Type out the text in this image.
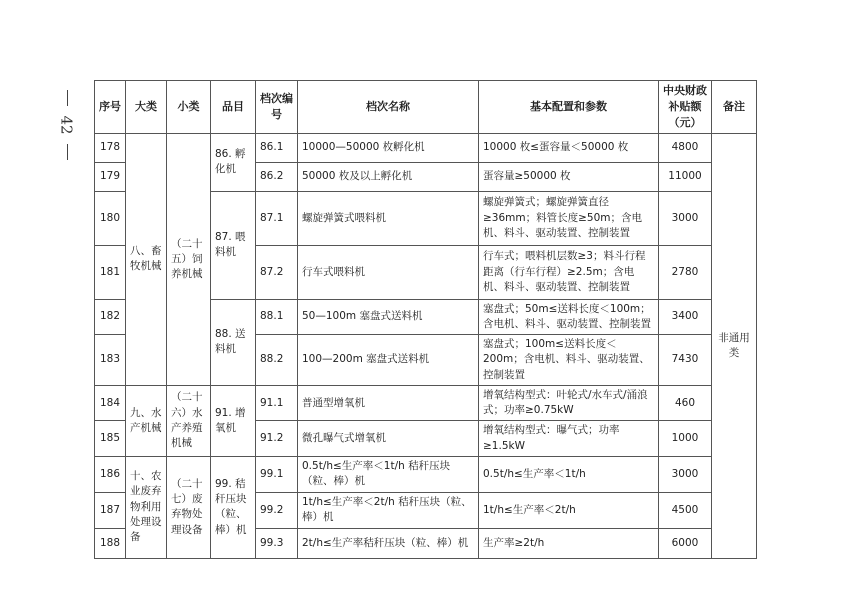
42
序号	大类	小类	品目	档次编号	档次名称	基本配置和参数	中央财政补贴额（元）	备注
178	八、畜牧机械	（二十五）饲养机械	86. 孵化机	86.1	10000—50000 枚孵化机	10000 枚≤蛋容量＜50000 枚	4800	非通用类
179				86.2	50000 枚及以上孵化机	蛋容量≥50000 枚	11000	
180			87. 喂料机	87.1	螺旋弹簧式喂料机	螺旋弹簧式；螺旋弹簧直径≥36mm；料管长度≥50m；含电机、料斗、驱动装置、控制装置	3000	
181				87.2	行车式喂料机	行车式；喂料机层数≥3；料斗行程距离（行车行程）≥2.5m；含电机、料斗、驱动装置、控制装置	2780	
182			88. 送料机	88.1	50—100m 塞盘式送料机	塞盘式；50m≤送料长度＜100m；含电机、料斗、驱动装置、控制装置	3400	
183				88.2	100—200m 塞盘式送料机	塞盘式；100m≤送料长度＜200m；含电机、料斗、驱动装置、控制装置	7430	
184	九、水产机械	（二十六）水产养殖机械	91. 增氧机	91.1	普通型增氧机	增氧结构型式：叶轮式/水车式/涌浪式；功率≥0.75kW	460	
185				91.2	微孔曝气式增氧机	增氧结构型式：曝气式；功率≥1.5kW	1000	
186	十、农业废弃物利用处理设备	（二十七）废弃物处理设备	99. 秸秆压块（粒、棒）机	99.1	0.5t/h≤生产率＜1t/h 秸秆压块（粒、棒）机	0.5t/h≤生产率＜1t/h	3000	
187				99.2	1t/h≤生产率＜2t/h 秸秆压块（粒、棒）机	1t/h≤生产率＜2t/h	4500	
188				99.3	2t/h≤生产率秸秆压块（粒、棒）机	生产率≥2t/h	6000	
